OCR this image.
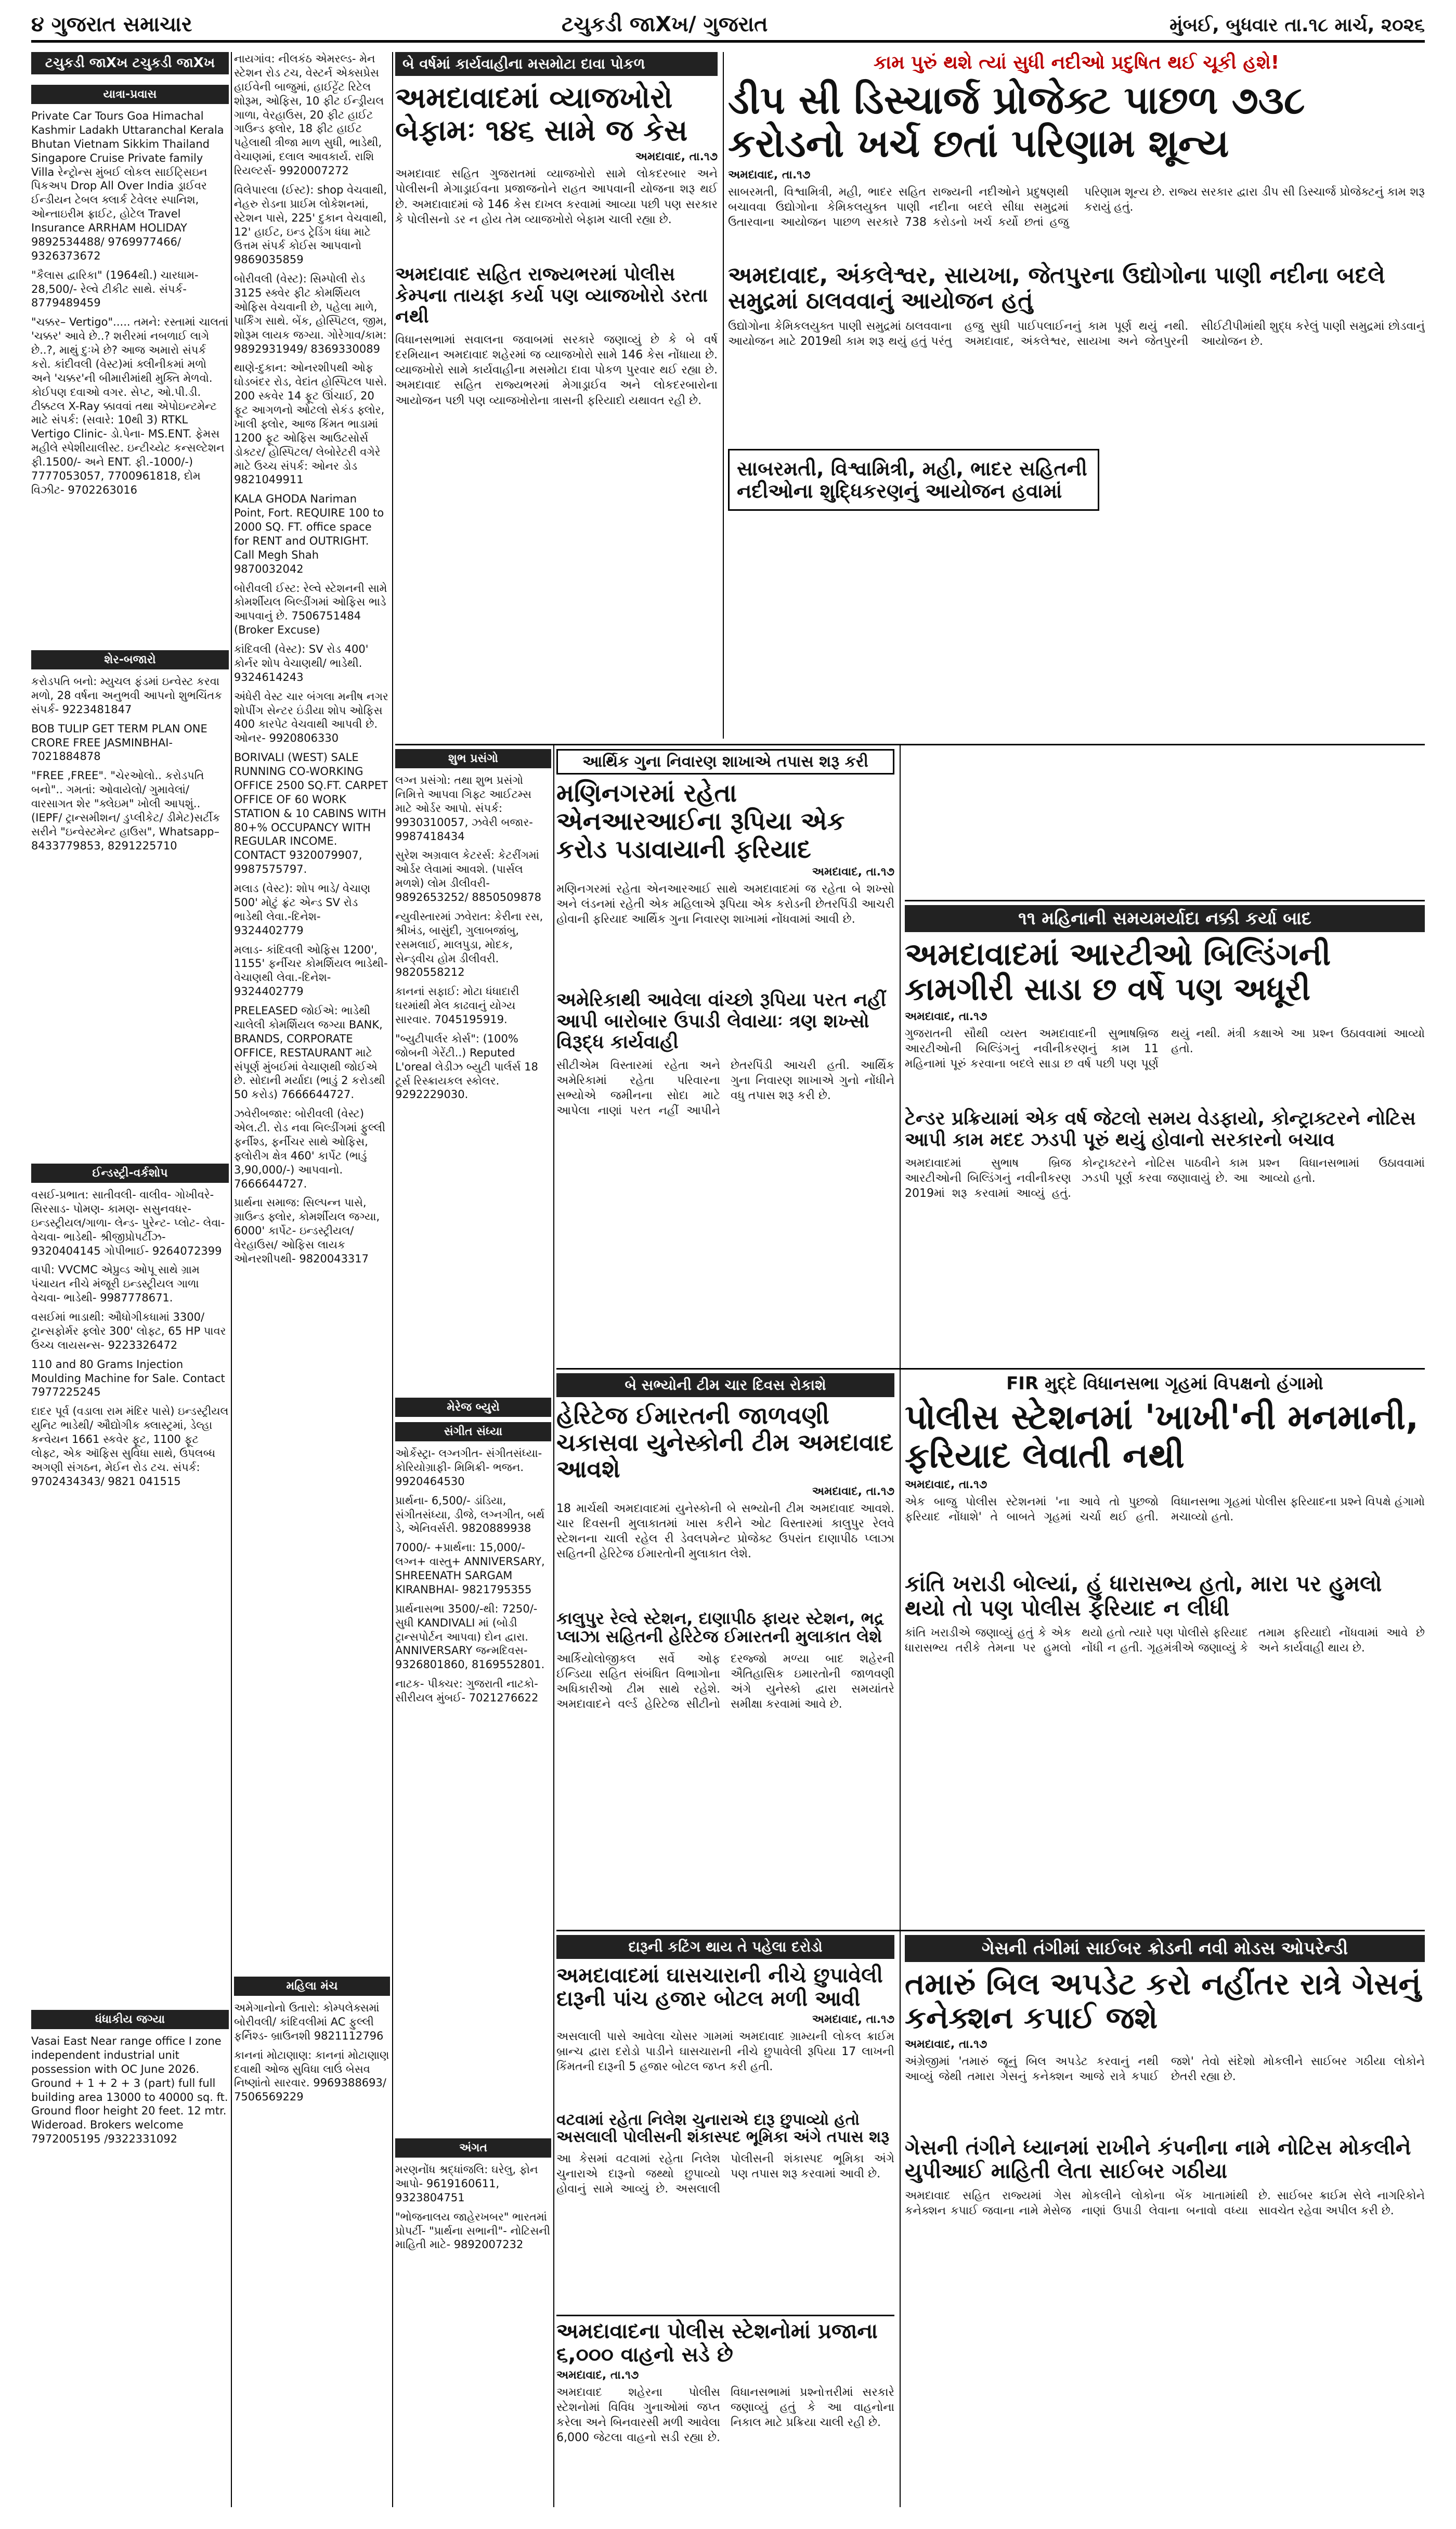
૪ ગુજરાત સમાચાર	ટચુકડી જાXખ/ ગુજરાત	મુંબઈ, બુધવાર તા.૧૮ માર્ચ, ૨૦૨૬
ટચુકડી જાXખ ટચુકડી જાXખ
યાત્રા-પ્રવાસ

Private Car Tours Goa Himachal Kashmir Ladakh Uttaranchal Kerala Bhutan Vietnam Sikkim Thailand Singapore Cruise Private family Villa રેન્ટ્રોન્સ મુંબઈ લોકલ સાઈટ્સિઇન પિકઅપ Drop All Over India ડ્રાઈવર ઈન્ડીયન ટેબલ ક્લાર્ક ટેવેલર સ્પાનિશ, ઓન્તાઇરીમ ફ્રાઈટ, હોટેલ Travel Insurance ARRHAM HOLIDAY 9892534488/ 9769977466/ 9326373672

"કૈલાસ દ્વારિકા" (1964થી.) ચારધામ- 28,500/- રેલ્વે ટીકીટ સાથે. સંપર્ક- 8779489459

"ચક્કર– Vertigo"..... તમને: રસ્તામાં ચાલતાં 'ચક્કર' આવે છે..? શરીરમાં નબળાઈ લાગે છે..?, માથું દુઃખે છે? આજ અમારો સંપર્ક કરો. કાંદીવલી (વેસ્ટ)માં ક્લીનીકમાં મળો અને 'ચક્કર'ની બીમારીમાંથી મુક્તિ મેળવો. કોઈપણ દવાઓ વગર. સેપ્ટ, ઓ.પી.ડી. ટીક્કટલ X-Ray ક્કાવવાં તથા એપોઇન્ટમેન્ટ માટે સંપર્ક: (સવારે: 10થી 3) RTKL Vertigo Clinic- ડો.પેના- MS.ENT. ફેમસ મહીલે સ્પેશીયાલીસ્ટ. ઇન્ટીચ્યેટ કન્સલ્ટેશન ફી.1500/- અને ENT. ફી.-1000/-) 7777053057, 7700961818, દોમ વિઝીટ- 9702263016

શેર-બજારો

કરોડપતિ બનો: મ્યુચલ ફંડમાં ઇન્વેસ્ટ કરવા મળો, 28 વર્ષના અનુભવી આપનો શુભચિંતક સંપર્ક- 9223481847

BOB TULIP GET TERM PLAN ONE CRORE FREE JASMINBHAI- 7021884878

"FREE ,FREE". "ચેરઓલો.. કરોડપતિ બનો".. ગમતાં: ઓવાયેલો/ ગુમાવેલાં/ વારસાગત શેર "ક્લેઇમ" ખોલી આપશું.. (IEPF/ ટ્રાન્સમીશન/ ડુપ્લીકેટ/ ડીમેટ)સર્ટીક સરીને "ઇન્વેસ્ટમેન્ટ હાઉસ", Whatsapp– 8433779853, 8291225710

ઈન્ડસ્ટ્રી-વર્કશોપ

વસઈ-પ્રભાત: સાતીવલી- વાલીવ- ગોખીવરે- સિરસાડ- પોમણ- કામણ- સસુનવધર- ઇન્ડસ્ટ્રીયલ/ગાળા- લેન્ડ- પુરેન્ટ- પ્લોટ- લેવા- વેચવા- ભાડેથી- શ્રીજીપ્રોપર્ટીઝ- 9320404145 ગોપીભાઈ- 9264072399

વાપી: VVCMC એપ્રુવ્ડ ઓપૂ સાથે ગ્રામ પંચાયત નીચે મંજૂરી ઇન્ડસ્ટ્રીયલ ગાળા વેચવા- ભાડેથી- 9987778671.

વસઈમાં ભાડાથી: ઔધોગીકધામાં 3300/ ટ્રાન્સફોર્મર ફ્લોર 300' લોફ્ટ, 65 HP પાવર ઉચ્ચ લાયસન્સ- 9223326472

110 and 80 Grams Injection Moulding Machine for Sale. Contact 7977225245

દાદર પૂર્વ (વડાલા રામ મંદિર પાસે) ઇન્ડસ્ટ્રીયલ યુનિટ ભાડેથી/ ઔદ્યોગીક ક્લાસ્ટ્રમાં, ડેલ્હા કન્વેયન 1661 સ્કવેર ફૂટ, 1100 ફૂટ લોફ્ટ, એક ઑફિસ સુવિધા સાથે, ઉપલબ્ધ અગણી સંગઠન, મેઈન રોડ ટચ. સંપર્ક: 9702434343/ 9821 041515

ધંધાકીય જગ્યા

Vasai East Near range office I zone independent industrial unit possession with OC June 2026. Ground + 1 + 2 + 3 (part) full full building area 13000 to 40000 sq. ft. Ground floor height 20 feet. 12 mtr. Wideroad. Brokers welcome 7972005195 /9322331092

નાયગાંવ: નીલકંઠ એમરલ્ડ- મેન સ્ટેશન રોડ ટચ, વેસ્ટર્ન એક્સપ્રેસ હાઈવેની બાજુમાં, હાઈટ્ટેંટ રિટેલ શોરૂમ, ઓફિસ, 10 ફીટ ઈન્ડ્રીયલ ગાળા, વેરહાઉસ, 20 ફીટ હાઈટ ગાઉન્ડ ફ્લોર, 18 ફીટ હાઈટ પહેલાથી ત્રીજા માળ સુધી, ભાડેથી, વેચાણમાં, દલાલ આવકાર્ય. રાશિ રિયલ્ટર્સ- 9920007272

વિલેપારલા (ઈસ્ટ): shop વેચવાથી, નેહરુ રોડના પ્રાઈમ લોકેશનમાં, સ્ટેશન પાસે, 225' દુકાન વેચવાથી, 12' હાઈટ, ઇન્ડ ટ્રેડિંગ ધંધા માટે ઉત્તમ સંપર્ક કોઈસ આપવાનો 9869035859

બોરીવલી (વેસ્ટ): સિમ્પોલી રોડ 3125 સ્ક્વેર ફીટ કોમર્શિયલ ઓફિસ વેચવાની છે, પહેલા માળે, પાર્કિંગ સાથે. બેંક, હોસ્પિટલ, જીમ, શોરૂમ લાયક જગ્યા. ગોરેગાવ/કામ: 9892931949/ 8369330089

થાણે-દુકાન: ઓનરશીપથી ઓફ ઘોડબંદર રોડ, વેદાંત હોસ્પિટલ પાસે. 200 સ્કવેર 14 ફૂટ ઊંચાઈ, 20 ફૂટ આગળનો ઓટલો સેકંડ ફ્લોર, ખાલી ફ્લોર, આજ કિંમત ભાડામાં 1200 ફૂટ ઓફિસ આઉટસોર્સ ડોક્ટર/ હોસ્પિટલ/ લેબોરેટરી વગેરે માટે ઉચ્ચ સંપર્ક: ઓનર ડોડ 9821049911

KALA GHODA Nariman Point, Fort. REQUIRE 100 to 2000 SQ. FT. office space for RENT and OUTRIGHT. Call Megh Shah 9870032042

બોરીવલી ઈસ્ટ: રેલ્વે સ્ટેશનની સામે કોમર્શીયલ બિલ્ડીંગમાં ઓફિસ ભાડે આપવાનું છે. 7506751484 (Broker Excuse)

કાંદિવલી (વેસ્ટ): SV રોડ 400' કોર્નર શોપ વેચાણથી/ ભાડેથી. 9324614243

અંધેરી વેસ્ટ ચાર બંગલા મનીષ નગર શોપીંગ સેન્ટર ઇંડીયા શોપ ઓફિસ 400 કારપેટ વેચવાથી આપવી છે. ઓનર- 9920806330

BORIVALI (WEST) SALE RUNNING CO-WORKING OFFICE 2500 SQ.FT. CARPET OFFICE OF 60 WORK STATION & 10 CABINS WITH 80+% OCCUPANCY WITH REGULAR INCOME. CONTACT 9320079907, 9987575797.

મલાડ (વેસ્ટ): શોપ ભાડે/ વેચાણ 500' મોટું ફ્રંટ એન્ડ SV રોડ ભાડેથી લેવા.-દિનેશ- 9324402779

મલાડ- કાંદિવલી ઓફિસ 1200', 1155' ફર્નીચર કોમર્શિયલ ભાડેથી- વેચાણથી લેવા.-દિનેશ- 9324402779

PRELEASED જોઈએ: ભાડેથી ચાલેલી કોમર્શિયલ જગ્યા BANK, BRANDS, CORPORATE OFFICE, RESTAURANT માટે સંપૂર્ણ મુંબઈમાં વેચાણથી જોઈએ છે. સોદાની મર્યાદા (ભાડું 2 કરોડથી 50 કરોડ) 7666644727.

ઝવેરીબજાર: બોરીવલી (વેસ્ટ) એલ.ટી. રોડ નવા બિલ્ડીંગમાં ફુલ્લી ફર્નીશ્ડ, ફર્નીચર સાથે ઓફિસ, ફ્લોરીગ ક્ષેત્ર 460' કાર્પેટ (ભાડું 3,90,000/-) આપવાનો. 7666644727.

પ્રાર્થના સમાજ: સિલ્પન્ન પાસે, ગ્રાઉન્ડ ફ્લોર, કોમર્શીયલ જગ્યા, 6000' કાર્પેટ- ઇન્ડસ્ટ્રીયલ/ વેરહાઉસ/ ઓફિસ લાયક ઓનરશીપથી- 9820043317

મહિલા મંચ

અમેગાનોનો ઉતારો: કોમ્પલેક્સમાં બોરીવલી/ કાંદિવલીમાં AC ફુલ્લી ફર્નિશ્ડ- બ્રાઉનશી 9821112796

કાનનાં મોટાણાણ: કાનનાં મોટાણાણ દવાથી ઓજ સુવિધા લાઉં બેસવ નિષ્ણાંતો સારવાર. 9969388693/ 7506569229

શુભ પ્રસંગો

લગ્ન પ્રસંગો: તથા શુભ પ્રસંગો નિમિત્તે આપવા ગિફ્ટ આઈટમ્સ માટે ઓર્ડર આપો. સંપર્ક: 9930310057, ઝવેરી બજાર- 9987418434

સુરેશ અગ્રવાલ કેટરર્સ: કેટરીંગમાં ઓર્ડર લેવામાં આવશે. (પાર્સલ મળશે) લોમ ડીલીવરી- 9892653252/ 8850509878

ન્યુવીસ્તારમાં ઝવેરાત: કેરીના રસ, શ્રીખંડ, બાસુંદી, ગુલાબજાંબુ, રસમલાઈ, માલપુડા, મોદક, સેન્ડ્વીચ હોમ ડીલીવરી. 9820558212

કાનનાં સફાઈ: મોટા ધંધાદારી ઘરમાંથી મેલ કાઢવાનું યોગ્ય સારવાર. 7045195919.

"બ્યુટીપાર્લર કોર્સ": (100% જોબની ગેરેંટી..) Reputed L'oreal લેડીઝ બ્યુટી પાર્લર્સ 18 ટૂર્સ રિસ્ક્રાયકલ સ્કોલર. 9292229030.

મેરેજ બ્યુરો
સંગીત સંધ્યા

ઓર્કેસ્ટ્રા- લગ્નગીત- સંગીતસંધ્યા- કોરિયોગ્રાફી- મિમિક્રી- ભજન. 9920464530

પ્રાર્થના- 6,500/- ડાંડિયા, સંગીતસંધ્યા, ડીજે, લગ્નગીત, બર્થ ડે, એનિવર્સરી. 9820889938

7000/- +પ્રાર્થના: 15,000/- લગ્ન+ વાસ્તુ+ ANNIVERSARY, SHREENATH SARGAM KIRANBHAI- 9821795355

પ્રાર્થનાસભા 3500/-થી: 7250/- સુધી KANDIVALI માં (બોડી ટ્રાન્સપોર્ટન આપવા) દોન દ્વારા. ANNIVERSARY જન્મદિવસ- 9326801860, 8169552801.

નાટક- પીક્ચર: ગુજરાતી નાટકો- સીરીયલ મુંબઈ- 7021276622

અંગત

મરણનોંધ શ્રદ્ધાંજલિ: ઘરેલુ, ફોન આપો- 9619160611, 9323804751

"ભોજનાલય જાહેરખબર" ભારતમાં પ્રોપર્ટી- "પ્રાર્થના સભાની"- નોટિસની માહિતી માટે- 9892007232

બે વર્ષમાં કાર્યવાહીના મસમોટા દાવા પોકળ
અમદાવાદમાં વ્યાજખોરો બેફામઃ ૧૪૬ સામે જ કેસ
અમદાવાદ, તા.૧૭
અમદાવાદ સહિત ગુજરાતમાં વ્યાજખોરો સામે લોકદરબાર અને પોલીસની મેગાડ્રાઈવના પ્રજાજનોને રાહત આપવાની યોજના શરૂ થઈ છે. અમદાવાદમાં જે 146 કેસ દાખલ કરવામાં આવ્યા પછી પણ સરકાર કે પોલીસનો ડર ન હોય તેમ વ્યાજખોરો બેફામ ચાલી રહ્યા છે.
અમદાવાદ સહિત રાજ્યભરમાં પોલીસ કેમ્પના તાયફા કર્યા પણ વ્યાજખોરો ડરતા નથી
વિધાનસભામાં સવાલના જવાબમાં સરકારે જણાવ્યું છે કે બે વર્ષ દરમિયાન અમદાવાદ શહેરમાં જ વ્યાજખોરો સામે 146 કેસ નોંધાયા છે. વ્યાજખોરો સામે કાર્યવાહીના મસમોટા દાવા પોકળ પુરવાર થઈ રહ્યા છે. અમદાવાદ સહિત રાજ્યભરમાં મેગાડ્રાઈવ અને લોકદરબારોના આયોજન પછી પણ વ્યાજખોરોના ત્રાસની ફરિયાદો યથાવત રહી છે.
કામ પુરું થશે ત્યાં સુધી નદીઓ પ્રદુષિત થઈ ચૂકી હશે!
ડીપ સી ડિસ્ચાર્જ પ્રોજેક્ટ પાછળ ૭૩૮ કરોડનો ખર્ચ છતાં પરિણામ શૂન્ય
અમદાવાદ, તા.૧૭
સાબરમતી, વિશ્વામિત્રી, મહી, ભાદર સહિત રાજ્યની નદીઓને પ્રદુષણથી બચાવવા ઉદ્યોગોના કેમિકલયુક્ત પાણી નદીના બદલે સીધા સમુદ્રમાં ઉતારવાના આયોજન પાછળ સરકારે 738 કરોડનો ખર્ચ કર્યો છતાં હજુ પરિણામ શૂન્ય છે. રાજ્ય સરકાર દ્વારા ડીપ સી ડિસ્ચાર્જ પ્રોજેક્ટનું કામ શરૂ કરાયું હતું.
અમદાવાદ, અંકલેશ્વર, સાયખા, જેતપુરના ઉદ્યોગોના પાણી નદીના બદલે સમુદ્રમાં ઠાલવવાનું આયોજન હતું
ઉદ્યોગોના કેમિકલયુક્ત પાણી સમુદ્રમાં ઠાલવવાના આયોજન માટે 2019થી કામ શરૂ થયું હતું પરંતુ હજુ સુધી પાઈપલાઈનનું કામ પૂર્ણ થયું નથી. અમદાવાદ, અંકલેશ્વર, સાયખા અને જેતપુરની સીઈટીપીમાંથી શુદ્ધ કરેલું પાણી સમુદ્રમાં છોડવાનું આયોજન છે.
સાબરમતી, વિશ્વામિત્રી, મહી, ભાદર સહિતની નદીઓના શુદ્ધિકરણનું આયોજન હવામાં
આર્થિક ગુના નિવારણ શાખાએ તપાસ શરૂ કરી
મણિનગરમાં રહેતા એનઆરઆઈના રૂપિયા એક કરોડ પડાવાયાની ફરિયાદ
અમદાવાદ, તા.૧૭
મણિનગરમાં રહેતા એનઆરઆઈ સાથે અમદાવાદમાં જ રહેતા બે શખ્સો અને લંડનમાં રહેતી એક મહિલાએ રૂપિયા એક કરોડની છેતરપિંડી આચરી હોવાની ફરિયાદ આર્થિક ગુના નિવારણ શાખામાં નોંધવામાં આવી છે.
અમેરિકાથી આવેલા વાંચ્છો રૂપિયા પરત નહીં આપી બારોબાર ઉપાડી લેવાયાઃ ત્રણ શખ્સો વિરૂદ્ધ કાર્યવાહી
સીટીએમ વિસ્તારમાં રહેતા અને અમેરિકામાં રહેતા પરિવારના સભ્યોએ જમીનના સોદા માટે આપેલા નાણાં પરત નહીં આપીને છેતરપિંડી આચરી હતી. આર્થિક ગુના નિવારણ શાખાએ ગુનો નોંધીને વધુ તપાસ શરૂ કરી છે.
બે સભ્યોની ટીમ ચાર દિવસ રોકાશે
હેરિટેજ ઈમારતની જાળવણી ચકાસવા યુનેસ્કોની ટીમ અમદાવાદ આવશે
અમદાવાદ, તા.૧૭
18 માર્ચથી અમદાવાદમાં યુનેસ્કોની બે સભ્યોની ટીમ અમદાવાદ આવશે. ચાર દિવસની મુલાકાતમાં ખાસ કરીને ઓટ વિસ્તારમાં કાલુપુર રેલવે સ્ટેશનના ચાલી રહેલ રી ડેવલપમેન્ટ પ્રોજેક્ટ ઉપરાંત દાણાપીઠ પ્લાઝા સહિતની હેરિટેજ ઈમારતોની મુલાકાત લેશે.
કાલુપુર રેલ્વે સ્ટેશન, દાણાપીઠ ફાયર સ્ટેશન, ભદ્ર પ્લાઝા સહિતની હેરિટેજ ઈમારતની મુલાકાત લેશે
આર્કિયોલોજીકલ સર્વે ઓફ ઈન્ડિયા સહિત સંબંધિત વિભાગોના અધિકારીઓ ટીમ સાથે રહેશે. અમદાવાદને વર્લ્ડ હેરિટેજ સીટીનો દરજ્જો મળ્યા બાદ શહેરની ઐતિહાસિક ઇમારતોની જાળવણી અંગે યુનેસ્કો દ્વારા સમયાંતરે સમીક્ષા કરવામાં આવે છે.
૧૧ મહિનાની સમયમર્યાદા નક્કી કર્યા બાદ
અમદાવાદમાં આરટીઓ બિલ્ડિંગની કામગીરી સાડા છ વર્ષે પણ અધૂરી
અમદાવાદ, તા.૧૭
ગુજરાતની સૌથી વ્યસ્ત અમદાવાદની સુભાષબ્રિજ આરટીઓની બિલ્ડિંગનું નવીનીકરણનું કામ 11 મહિનામાં પૂરું કરવાના બદલે સાડા છ વર્ષ પછી પણ પૂર્ણ થયું નથી. મંત્રી કક્ષાએ આ પ્રશ્ન ઉઠાવવામાં આવ્યો હતો.
ટેન્ડર પ્રક્રિયામાં એક વર્ષ જેટલો સમય વેડફાયો, કોન્ટ્રાક્ટરને નોટિસ આપી કામ મદદ ઝડપી પૂરું થયું હોવાનો સરકારનો બચાવ
અમદાવાદમાં સુભાષ બ્રિજ આરટીઓની બિલ્ડિંગનું નવીનીકરણ 2019માં શરૂ કરવામાં આવ્યું હતું. કોન્ટ્રાક્ટરને નોટિસ પાઠવીને કામ ઝડપી પૂર્ણ કરવા જણાવાયું છે. આ પ્રશ્ન વિધાનસભામાં ઉઠાવવામાં આવ્યો હતો.
FIR મુદ્દે વિધાનસભા ગૃહમાં વિપક્ષનો હંગામો
પોલીસ સ્ટેશનમાં 'ખાખી'ની મનમાની, ફરિયાદ લેવાતી નથી
અમદાવાદ, તા.૧૭
એક બાજુ પોલીસ સ્ટેશનમાં 'ના આવે તો પુછજો ફરિયાદ નોંધાશે' તે બાબતે ગૃહમાં ચર્ચા થઈ હતી. વિધાનસભા ગૃહમાં પોલીસ ફરિયાદના પ્રશ્ને વિપક્ષે હંગામો મચાવ્યો હતો.
કાંતિ ખરાડી બોલ્યાં, હું ધારાસભ્ય હતો, મારા પર હુમલો થયો તો પણ પોલીસ ફરિયાદ ન લીધી
કાંતિ ખરાડીએ જણાવ્યું હતું કે એક ધારાસભ્ય તરીકે તેમના પર હુમલો થયો હતો ત્યારે પણ પોલીસે ફરિયાદ નોંધી ન હતી. ગૃહમંત્રીએ જણાવ્યું કે તમામ ફરિયાદો નોંધવામાં આવે છે અને કાર્યવાહી થાય છે.
દારૂની કટિંગ થાય તે પહેલા દરોડો
અમદાવાદમાં ઘાસચારાની નીચે છુપાવેલી દારૂની પાંચ હજાર બોટલ મળી આવી
અમદાવાદ, તા.૧૭
અસલાલી પાસે આવેલા ચોસર ગામમાં અમદાવાદ ગ્રામ્યની લોકલ ક્રાઈમ બ્રાન્ચ દ્વારા દરોડો પાડીને ઘાસચારાની નીચે છુપાવેલી રૂપિયા 17 લાખની કિંમતની દારૂની 5 હજાર બોટલ જપ્ત કરી હતી.
વટવામાં રહેતા નિલેશ ચુનારાએ દારૂ છુપાવ્યો હતો અસલાલી પોલીસની શંકાસ્પદ ભૂમિકા અંગે તપાસ શરૂ
આ કેસમાં વટવામાં રહેતા નિલેશ ચુનારાએ દારૂનો જથ્થો છુપાવ્યો હોવાનું સામે આવ્યું છે. અસલાલી પોલીસની શંકાસ્પદ ભૂમિકા અંગે પણ તપાસ શરૂ કરવામાં આવી છે.
અમદાવાદના પોલીસ સ્ટેશનોમાં પ્રજાના ૬,૦૦૦ વાહનો સડે છે
અમદાવાદ, તા.૧૭
અમદાવાદ શહેરના પોલીસ સ્ટેશનોમાં વિવિધ ગુનાઓમાં જપ્ત કરેલા અને બિનવારસી મળી આવેલા 6,000 જેટલા વાહનો સડી રહ્યા છે. વિધાનસભામાં પ્રશ્નોત્તરીમાં સરકારે જણાવ્યું હતું કે આ વાહનોના નિકાલ માટે પ્રક્રિયા ચાલી રહી છે.
ગેસની તંગીમાં સાઈબર ક્રોડની નવી મોડસ ઓપરેન્ડી
તમારું બિલ અપડેટ કરો નહીંતર રાત્રે ગેસનું કનેક્શન કપાઈ જશે
અમદાવાદ, તા.૧૭
અંગ્રેજીમાં 'તમારું જૂનું બિલ અપડેટ કરવાનું નથી આવ્યું જેથી તમારા ગેસનું કનેક્શન આજે રાત્રે કપાઈ જશે' તેવો સંદેશો મોકલીને સાઈબર ગઠીયા લોકોને છેતરી રહ્યા છે.
ગેસની તંગીને ધ્યાનમાં રાખીને કંપનીના નામે નોટિસ મોકલીને યુપીઆઈ માહિતી લેતા સાઈબર ગઠીયા
અમદાવાદ સહિત રાજ્યમાં ગેસ કનેક્શન કપાઈ જવાના નામે મેસેજ મોકલીને લોકોના બેંક ખાતામાંથી નાણાં ઉપાડી લેવાના બનાવો વધ્યા છે. સાઈબર ક્રાઈમ સેલે નાગરિકોને સાવચેત રહેવા અપીલ કરી છે.
